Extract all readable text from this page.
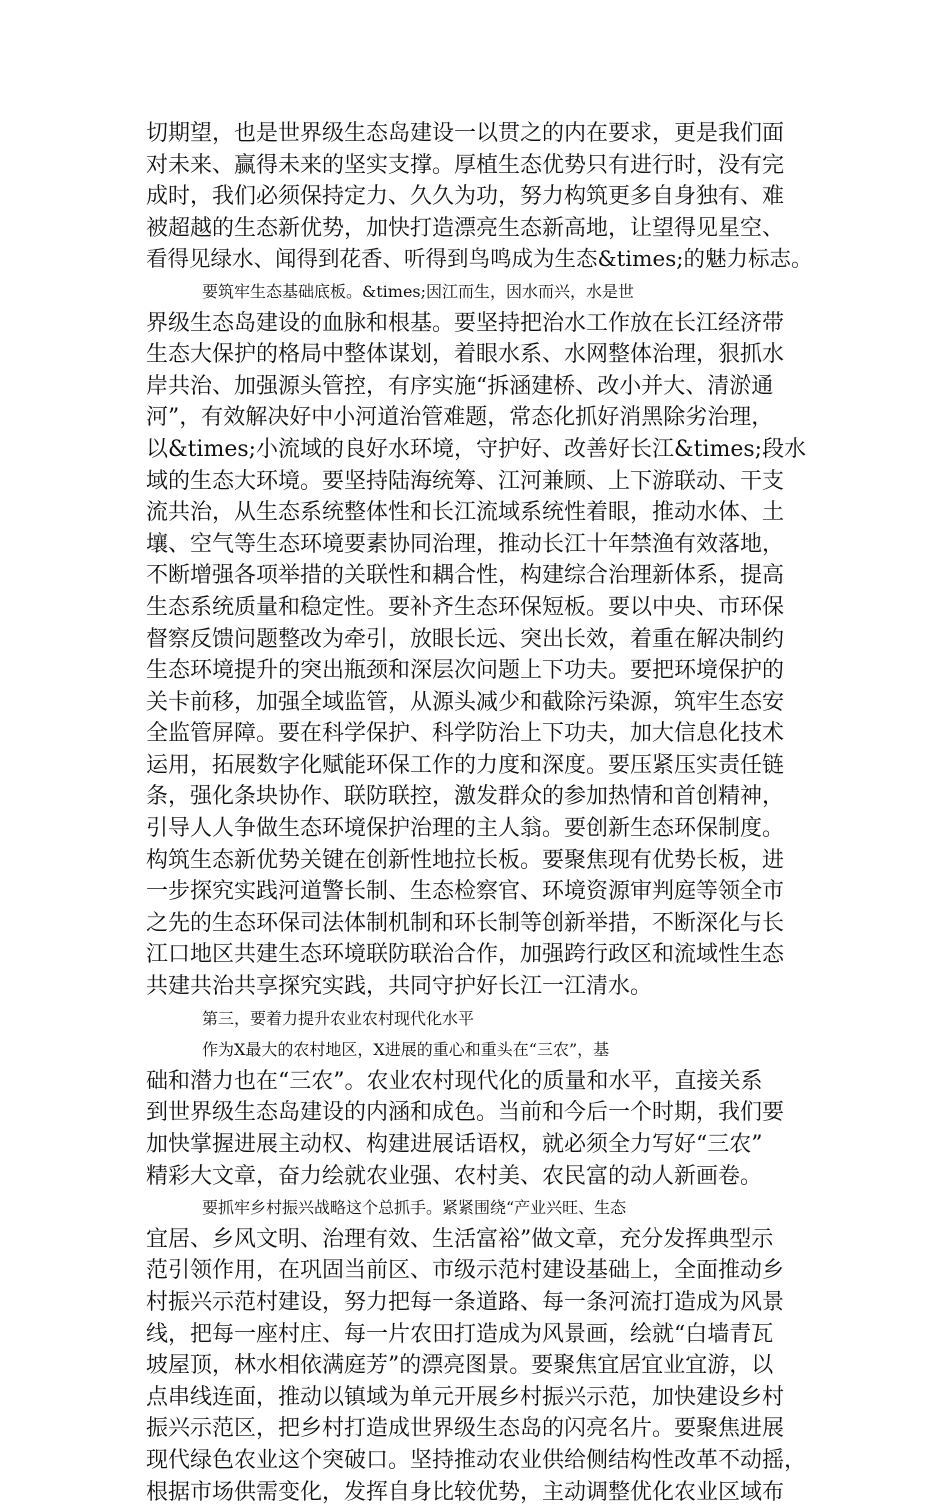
切期望，也是世界级生态岛建设一以贯之的内在要求，更是我们面
对未来、赢得未来的坚实支撑。厚植生态优势只有进行时，没有完
成时，我们必须保持定力、久久为功，努力构筑更多自身独有、难
被超越的生态新优势，加快打造漂亮生态新高地，让望得见星空、
看得见绿水、闻得到花香、听得到鸟鸣成为生态&times;的魅力标志。
要筑牢生态基础底板。&times;因江而生，因水而兴，水是世
界级生态岛建设的血脉和根基。要坚持把治水工作放在长江经济带
生态大保护的格局中整体谋划，着眼水系、水网整体治理，狠抓水
岸共治、加强源头管控，有序实施“拆涵建桥、改小并大、清淤通
河”，有效解决好中小河道治管难题，常态化抓好消黑除劣治理，
以&times;小流域的良好水环境，守护好、改善好长江&times;段水
域的生态大环境。要坚持陆海统筹、江河兼顾、上下游联动、干支
流共治，从生态系统整体性和长江流域系统性着眼，推动水体、土
壤、空气等生态环境要素协同治理，推动长江十年禁渔有效落地，
不断增强各项举措的关联性和耦合性，构建综合治理新体系，提高
生态系统质量和稳定性。要补齐生态环保短板。要以中央、市环保
督察反馈问题整改为牵引，放眼长远、突出长效，着重在解决制约
生态环境提升的突出瓶颈和深层次问题上下功夫。要把环境保护的
关卡前移，加强全域监管，从源头减少和截除污染源，筑牢生态安
全监管屏障。要在科学保护、科学防治上下功夫，加大信息化技术
运用，拓展数字化赋能环保工作的力度和深度。要压紧压实责任链
条，强化条块协作、联防联控，激发群众的参加热情和首创精神，
引导人人争做生态环境保护治理的主人翁。要创新生态环保制度。
构筑生态新优势关键在创新性地拉长板。要聚焦现有优势长板，进
一步探究实践河道警长制、生态检察官、环境资源审判庭等领全市
之先的生态环保司法体制机制和环长制等创新举措，不断深化与长
江口地区共建生态环境联防联治合作，加强跨行政区和流域性生态
共建共治共享探究实践，共同守护好长江一江清水。
第三，要着力提升农业农村现代化水平
作为X最大的农村地区，X进展的重心和重头在“三农”，基
础和潜力也在“三农”。农业农村现代化的质量和水平，直接关系
到世界级生态岛建设的内涵和成色。当前和今后一个时期，我们要
加快掌握进展主动权、构建进展话语权，就必须全力写好“三农”
精彩大文章，奋力绘就农业强、农村美、农民富的动人新画卷。
要抓牢乡村振兴战略这个总抓手。紧紧围绕“产业兴旺、生态
宜居、乡风文明、治理有效、生活富裕”做文章，充分发挥典型示
范引领作用，在巩固当前区、市级示范村建设基础上，全面推动乡
村振兴示范村建设，努力把每一条道路、每一条河流打造成为风景
线，把每一座村庄、每一片农田打造成为风景画，绘就“白墙青瓦
坡屋顶，林水相依满庭芳”的漂亮图景。要聚焦宜居宜业宜游，以
点串线连面，推动以镇域为单元开展乡村振兴示范，加快建设乡村
振兴示范区，把乡村打造成世界级生态岛的闪亮名片。要聚焦进展
现代绿色农业这个突破口。坚持推动农业供给侧结构性改革不动摇，
根据市场供需变化，发挥自身比较优势，主动调整优化农业区域布
